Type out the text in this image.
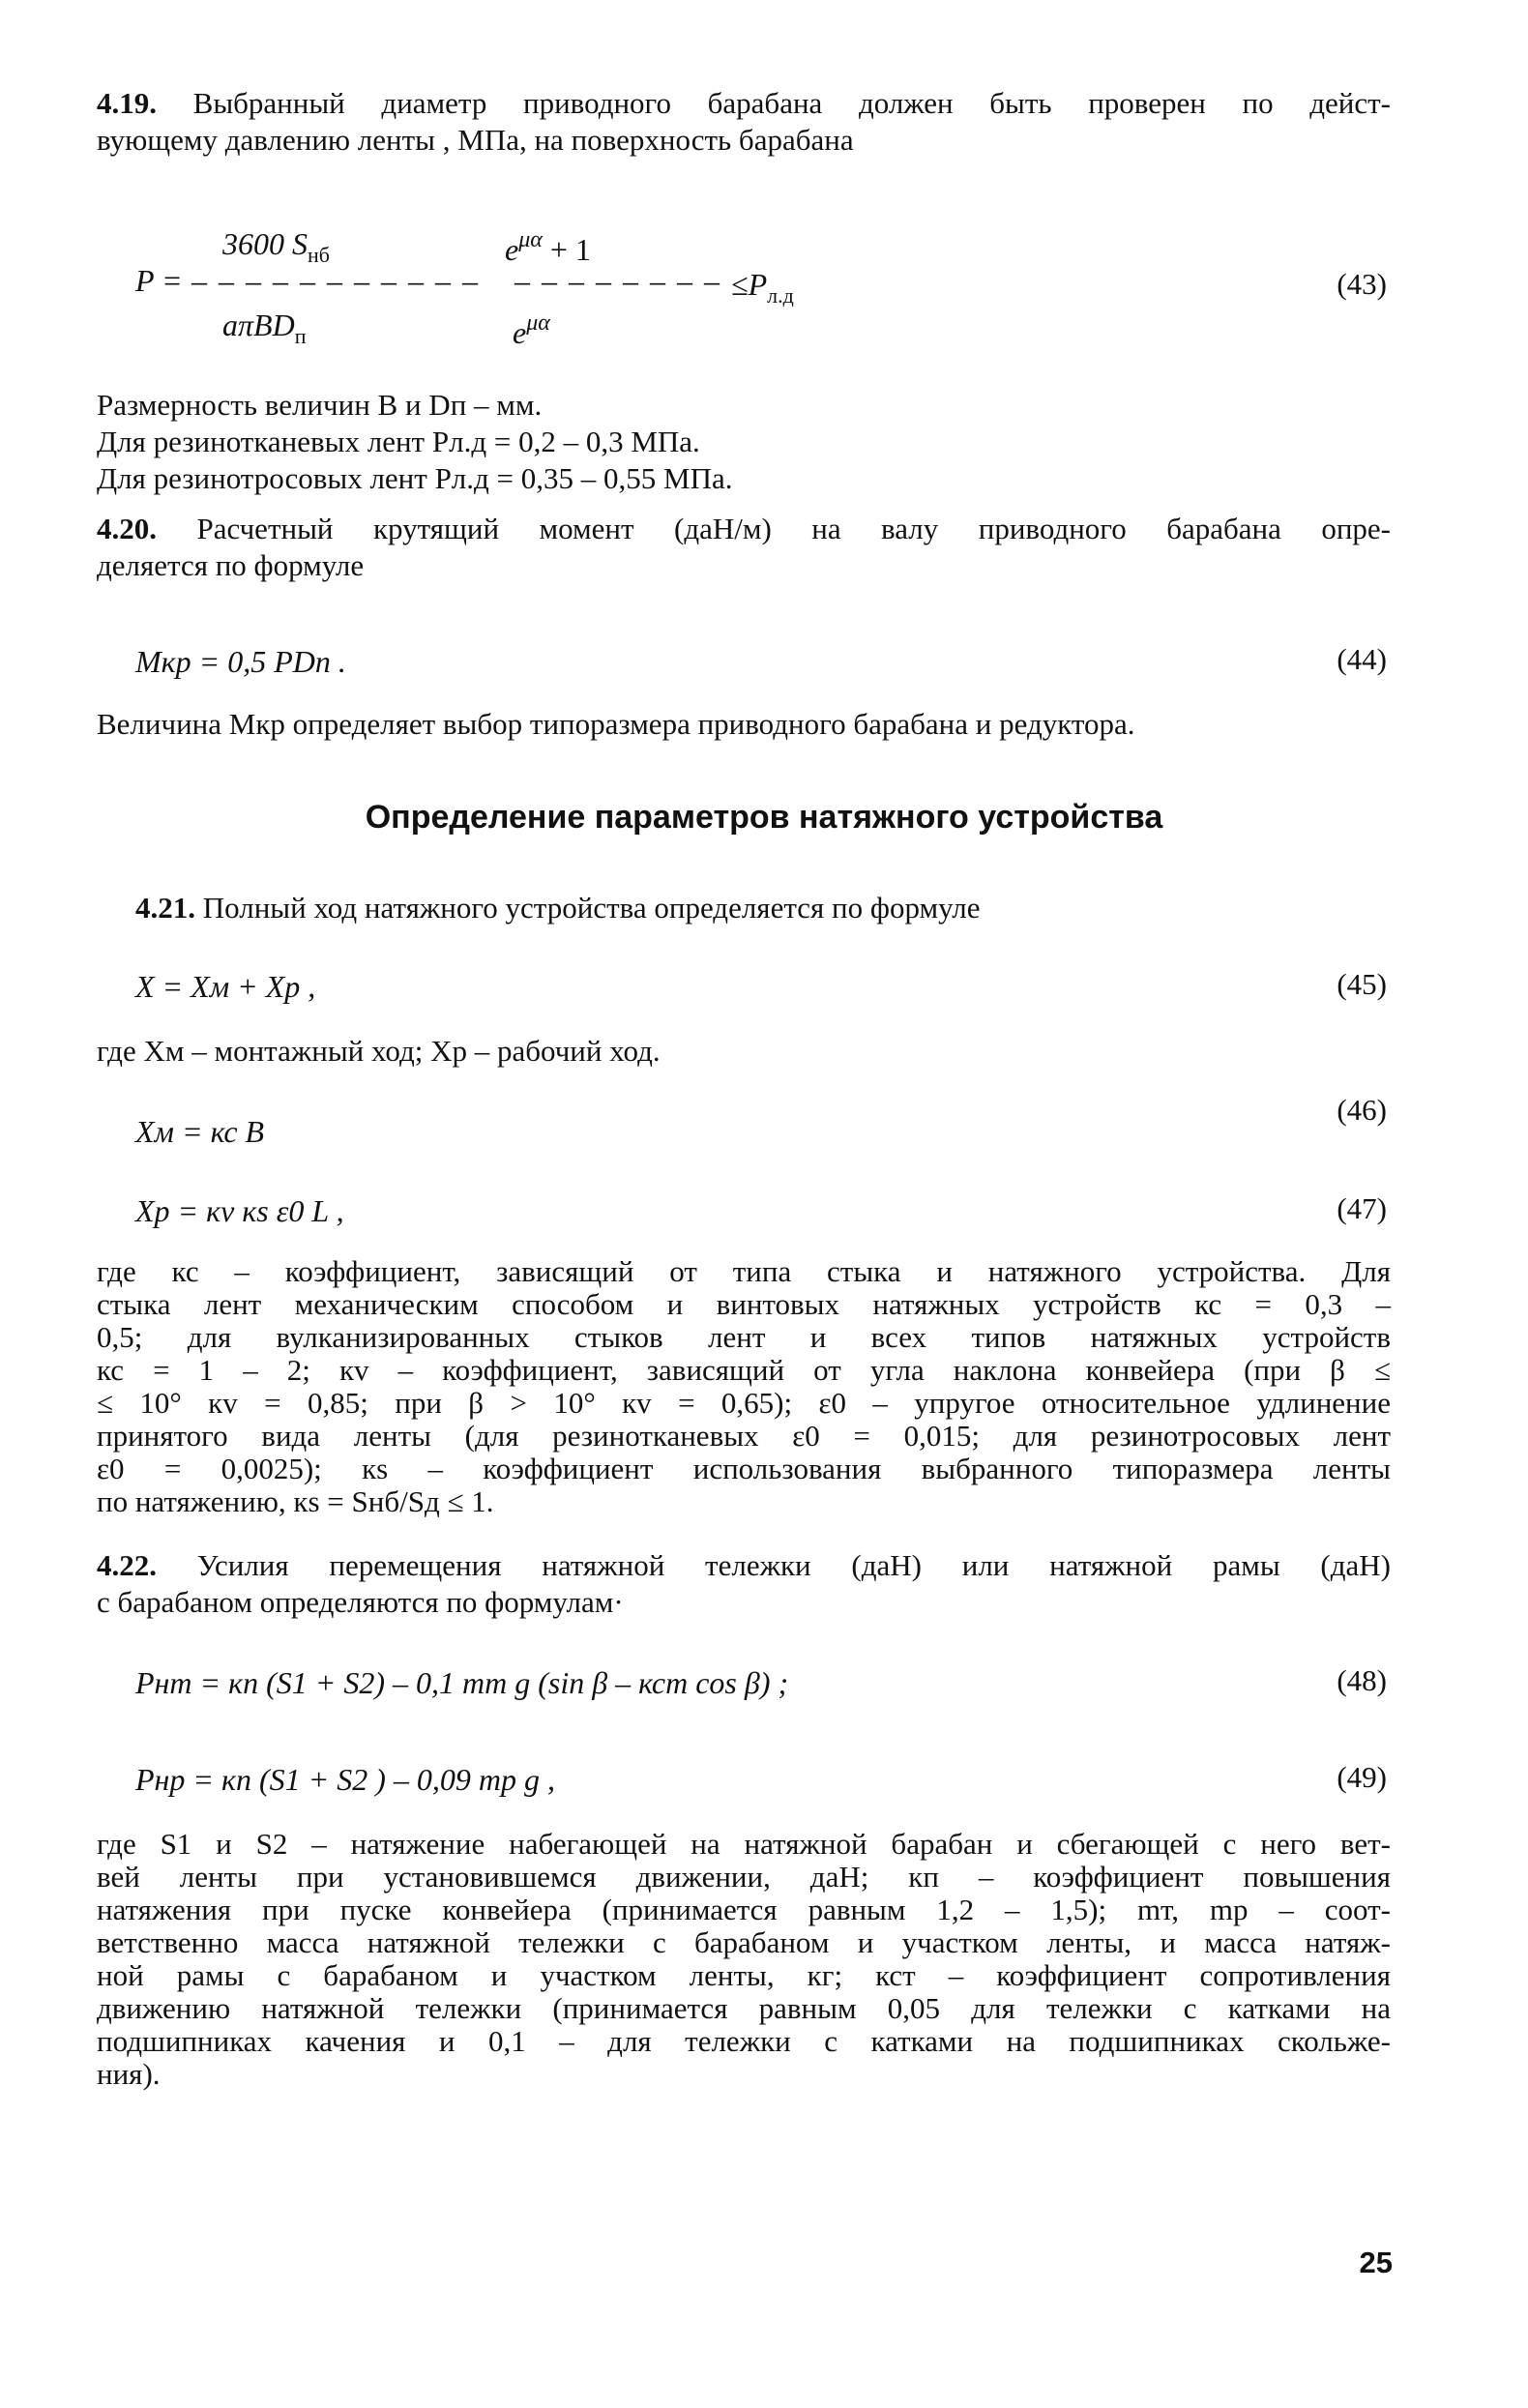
4.19. Выбранный диаметр приводного барабана должен быть проверен по дейст-
вующему давлению ленты , МПа, на поверхность барабана
3600 $S_{нб}$	$e^{\mu\alpha} + 1$
P = – – – – – – – – – – – – – – – – – – – $\le P_{л.д}$
aπBD$_п$	$e^{\mu\alpha}$
(43)
Размерность величин B и Dп – мм.
Для резинотканевых лент Pл.д = 0,2 – 0,3 МПа.
Для резинотросовых лент Pл.д = 0,35 – 0,55 МПа.
4.20. Расчетный крутящий момент (даН/м) на валу приводного барабана опре-
деляется по формуле
Mкр = 0,5 PDп .	(44)
Величина Mкр определяет выбор типоразмера приводного барабана и редуктора.
Определение параметров натяжного устройства
4.21. Полный ход натяжного устройства определяется по формуле
X = Xм + Xр ,	(45)
где Xм – монтажный ход; Xр – рабочий ход.
Xм = кс B
(46)
Xр = кv кs ε0 L ,	(47)
где кс – коэффициент, зависящий от типа стыка и натяжного устройства. Для
стыка лент механическим способом и винтовых натяжных устройств кс = 0,3 –
0,5; для вулканизированных стыков лент и всех типов натяжных устройств
кс = 1 – 2; кv – коэффициент, зависящий от угла наклона конвейера (при β ≤
≤ 10° кv = 0,85; при β > 10° кv = 0,65); ε0 – упругое относительное удлинение
принятого вида ленты (для резинотканевых ε0 = 0,015; для резинотросовых лент
ε0 = 0,0025); кs – коэффициент использования выбранного типоразмера ленты
по натяжению, кs = Sнб/Sд ≤ 1.
4.22. Усилия перемещения натяжной тележки (даН) или натяжной рамы (даН)
с барабаном определяются по формулам·
Pнт = кп (S1 + S2) – 0,1 mт g (sin β – кст cos β) ;	(48)
Pнр = кп (S1 + S2 ) – 0,09 mр g ,	(49)
где S1 и S2 – натяжение набегающей на натяжной барабан и сбегающей с него вет-
вей ленты при установившемся движении, даН; кп – коэффициент повышения
натяжения при пуске конвейера (принимается равным 1,2 – 1,5); mт, mр – соот-
ветственно масса натяжной тележки с барабаном и участком ленты, и масса натяж-
ной рамы с барабаном и участком ленты, кг; кст – коэффициент сопротивления
движению натяжной тележки (принимается равным 0,05 для тележки с катками на
подшипниках качения и 0,1 – для тележки с катками на подшипниках скольже-
ния).
25
